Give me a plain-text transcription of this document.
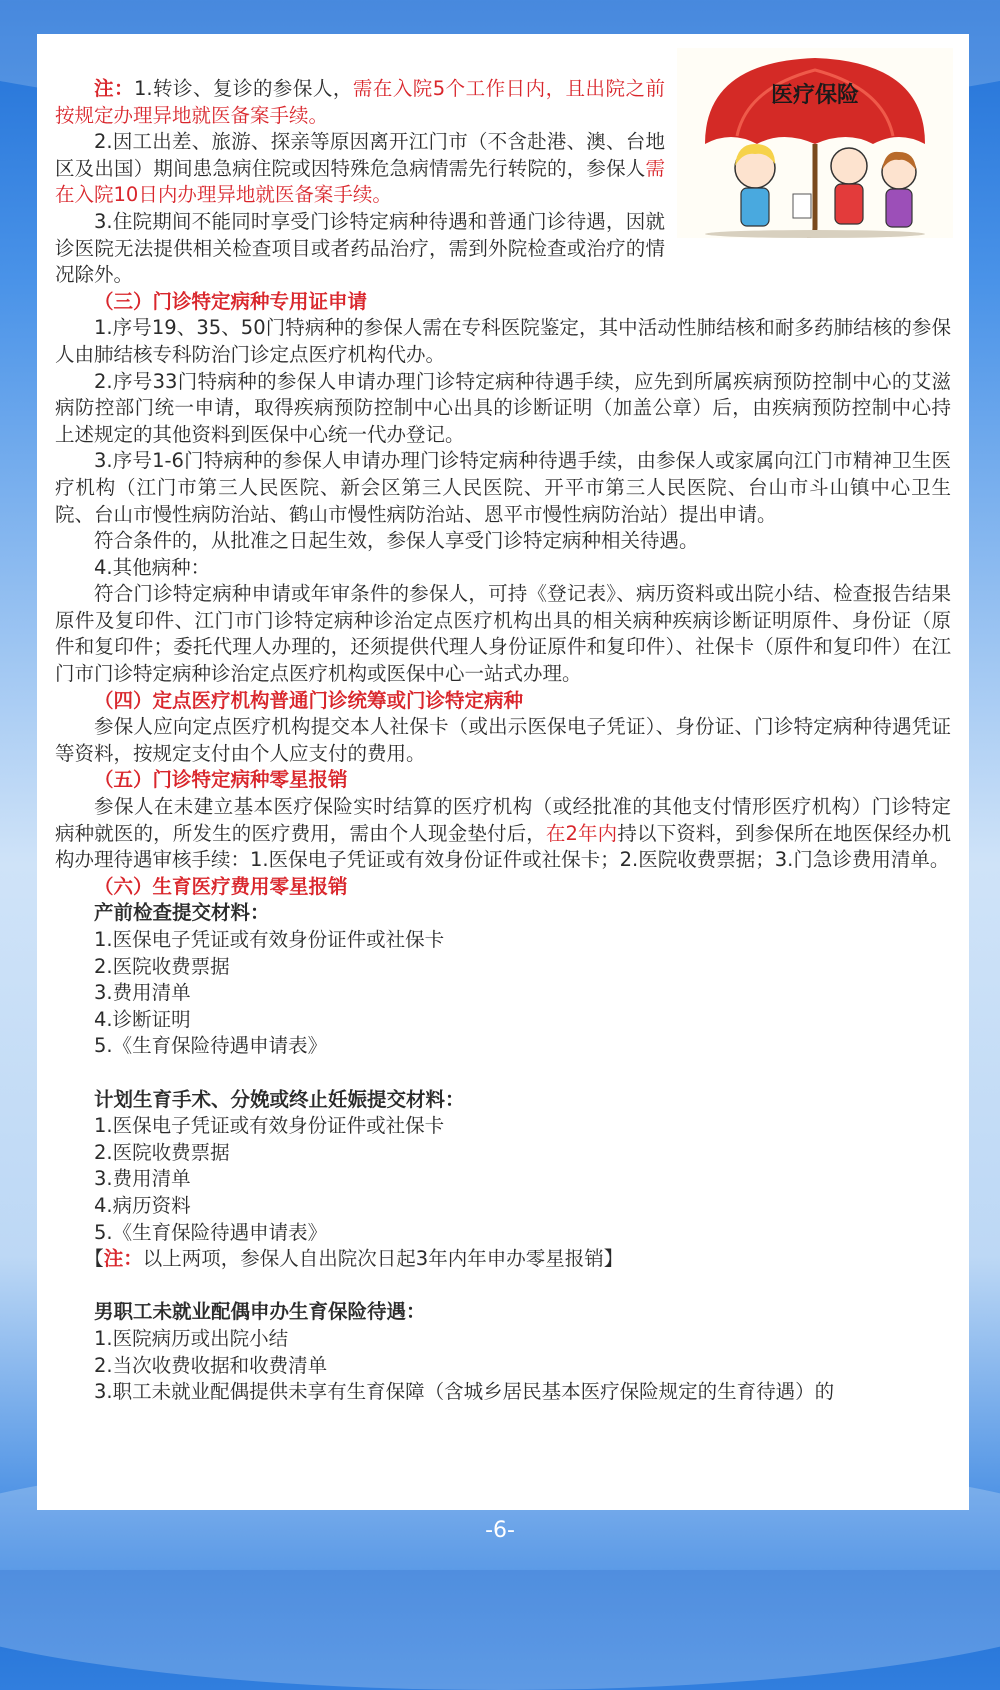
医疗保险

注：1.转诊、复诊的参保人，需在入院5个工作日内，且出院之前按规定办理异地就医备案手续。

2.因工出差、旅游、探亲等原因离开江门市（不含赴港、澳、台地区及出国）期间患急病住院或因特殊危急病情需先行转院的，参保人需在入院10日内办理异地就医备案手续。

3.住院期间不能同时享受门诊特定病种待遇和普通门诊待遇，因就诊医院无法提供相关检查项目或者药品治疗，需到外院检查或治疗的情况除外。

（三）门诊特定病种专用证申请

1.序号19、35、50门特病种的参保人需在专科医院鉴定，其中活动性肺结核和耐多药肺结核的参保人由肺结核专科防治门诊定点医疗机构代办。

2.序号33门特病种的参保人申请办理门诊特定病种待遇手续，应先到所属疾病预防控制中心的艾滋病防控部门统一申请，取得疾病预防控制中心出具的诊断证明（加盖公章）后，由疾病预防控制中心持上述规定的其他资料到医保中心统一代办登记。

3.序号1-6门特病种的参保人申请办理门诊特定病种待遇手续，由参保人或家属向江门市精神卫生医疗机构（江门市第三人民医院、新会区第三人民医院、开平市第三人民医院、台山市斗山镇中心卫生院、台山市慢性病防治站、鹤山市慢性病防治站、恩平市慢性病防治站）提出申请。

符合条件的，从批准之日起生效，参保人享受门诊特定病种相关待遇。

4.其他病种：

符合门诊特定病种申请或年审条件的参保人，可持《登记表》、病历资料或出院小结、检查报告结果原件及复印件、江门市门诊特定病种诊治定点医疗机构出具的相关病种疾病诊断证明原件、身份证（原件和复印件；委托代理人办理的，还须提供代理人身份证原件和复印件）、社保卡（原件和复印件）在江门市门诊特定病种诊治定点医疗机构或医保中心一站式办理。

（四）定点医疗机构普通门诊统筹或门诊特定病种

参保人应向定点医疗机构提交本人社保卡（或出示医保电子凭证）、身份证、门诊特定病种待遇凭证等资料，按规定支付由个人应支付的费用。

（五）门诊特定病种零星报销

参保人在未建立基本医疗保险实时结算的医疗机构（或经批准的其他支付情形医疗机构）门诊特定病种就医的，所发生的医疗费用，需由个人现金垫付后，在2年内持以下资料，到参保所在地医保经办机构办理待遇审核手续：1.医保电子凭证或有效身份证件或社保卡；2.医院收费票据；3.门急诊费用清单。

（六）生育医疗费用零星报销

产前检查提交材料：

1.医保电子凭证或有效身份证件或社保卡

2.医院收费票据

3.费用清单

4.诊断证明

5.《生育保险待遇申请表》

计划生育手术、分娩或终止妊娠提交材料：

1.医保电子凭证或有效身份证件或社保卡

2.医院收费票据

3.费用清单

4.病历资料

5.《生育保险待遇申请表》

【注：以上两项，参保人自出院次日起3年内年申办零星报销】

男职工未就业配偶申办生育保险待遇：

1.医院病历或出院小结

2.当次收费收据和收费清单

3.职工未就业配偶提供未享有生育保障（含城乡居民基本医疗保险规定的生育待遇）的

-6-
